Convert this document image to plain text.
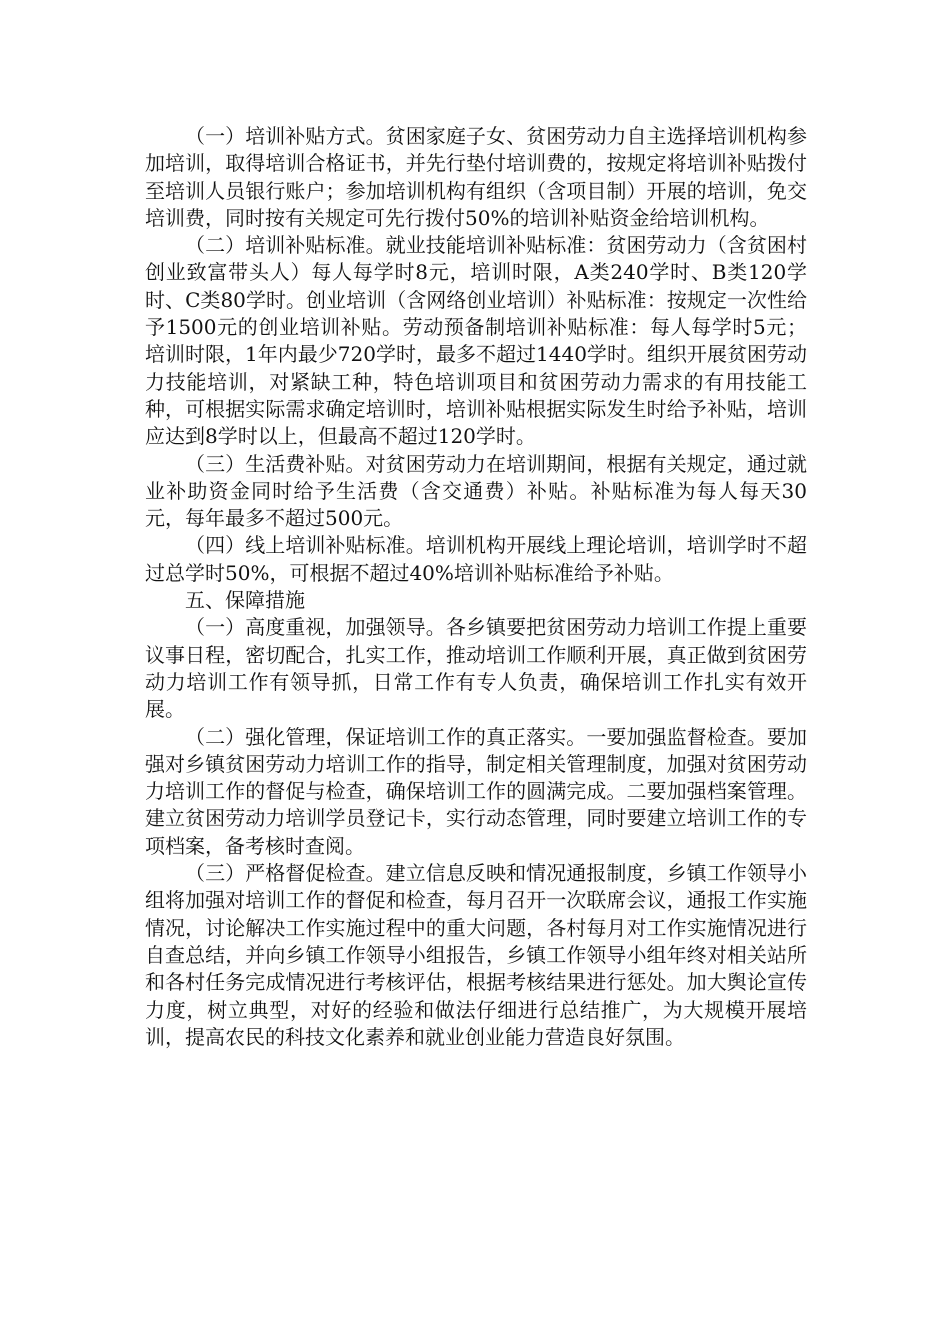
（一）培训补贴方式。贫困家庭子女、贫困劳动力自主选择培训机构参加培训，取得培训合格证书，并先行垫付培训费的，按规定将培训补贴拨付至培训人员银行账户；参加培训机构有组织（含项目制）开展的培训，免交培训费，同时按有关规定可先行拨付50%的培训补贴资金给培训机构。

（二）培训补贴标准。就业技能培训补贴标准：贫困劳动力（含贫困村创业致富带头人）每人每学时8元，培训时限，A类240学时、B类120学时、C类80学时。创业培训（含网络创业培训）补贴标准：按规定一次性给予1500元的创业培训补贴。劳动预备制培训补贴标准：每人每学时5元；培训时限，1年内最少720学时，最多不超过1440学时。组织开展贫困劳动力技能培训，对紧缺工种，特色培训项目和贫困劳动力需求的有用技能工种，可根据实际需求确定培训时，培训补贴根据实际发生时给予补贴，培训应达到8学时以上，但最高不超过120学时。

（三）生活费补贴。对贫困劳动力在培训期间，根据有关规定，通过就业补助资金同时给予生活费（含交通费）补贴。补贴标准为每人每天30元，每年最多不超过500元。

（四）线上培训补贴标准。培训机构开展线上理论培训，培训学时不超过总学时50%，可根据不超过40%培训补贴标准给予补贴。

五、保障措施

（一）高度重视，加强领导。各乡镇要把贫困劳动力培训工作提上重要议事日程，密切配合，扎实工作，推动培训工作顺利开展，真正做到贫困劳动力培训工作有领导抓，日常工作有专人负责，确保培训工作扎实有效开展。

（二）强化管理，保证培训工作的真正落实。一要加强监督检查。要加强对乡镇贫困劳动力培训工作的指导，制定相关管理制度，加强对贫困劳动力培训工作的督促与检查，确保培训工作的圆满完成。二要加强档案管理。建立贫困劳动力培训学员登记卡，实行动态管理，同时要建立培训工作的专项档案，备考核时查阅。

（三）严格督促检查。建立信息反映和情况通报制度，乡镇工作领导小组将加强对培训工作的督促和检查，每月召开一次联席会议，通报工作实施情况，讨论解决工作实施过程中的重大问题，各村每月对工作实施情况进行自查总结，并向乡镇工作领导小组报告，乡镇工作领导小组年终对相关站所和各村任务完成情况进行考核评估，根据考核结果进行惩处。加大舆论宣传力度，树立典型，对好的经验和做法仔细进行总结推广，为大规模开展培训，提高农民的科技文化素养和就业创业能力营造良好氛围。
